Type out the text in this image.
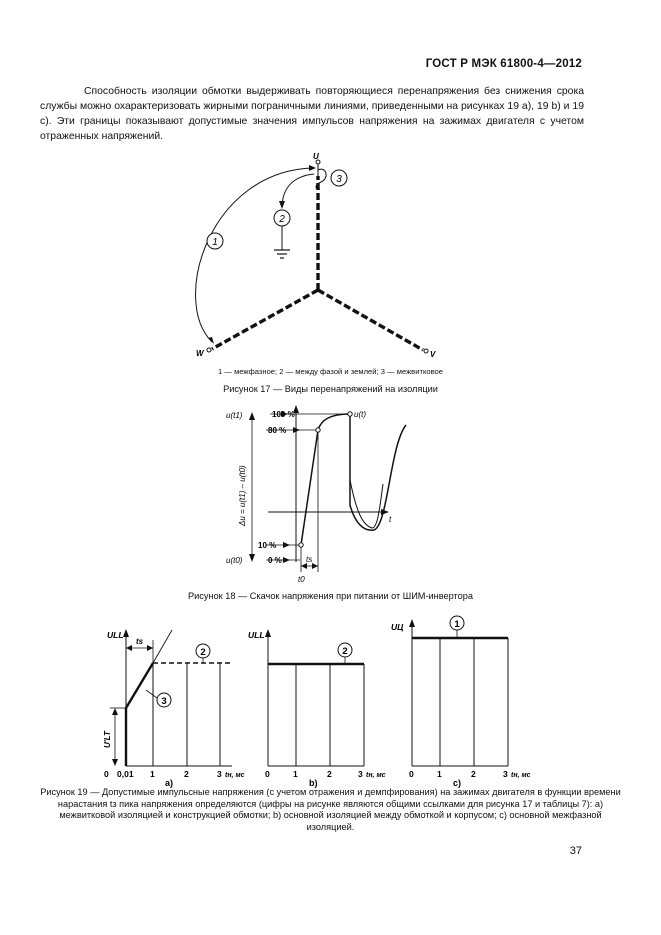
ГОСТ Р МЭК 61800-4—2012
Способность изоляции обмотки выдерживать повторяющиеся перенапряжения без снижения срока службы можно охарактеризовать жирными пограничными линиями, приведенными на рисунках 19 а), 19 b) и 19 с). Эти границы показывают допустимые значения импульсов напряжения на зажимах двигателя с учетом отраженных напряжений.
3
2
1
U
W	V
1 — межфазное; 2 — между фазой и землей; 3 — межвитковое
Рисунок 17 — Виды перенапряжений на изоляции
u(t1)	100 %
80 %
10 %
0 %
u(t0)
u(t)
t
ts
t0
Δu = u(t1) – u(t0)
Рисунок 18 — Скачок напряжения при питании от ШИМ-инвертора
2
3
ULL
ts
U'LT
0 0,01 1	2	3 tн, мс
a)
2
ULL
0	1	2	3 tн, мс
b)
1
UЦ
0	1	2	3 tн, мс
c)
Рисунок 19 — Допустимые импульсные напряжения (с учетом отражения и демпфирования) на зажимах двигателя в функции времени нарастания tз пика напряжения определяются (цифры на рисунке являются общими ссылками для рисунка 17 и таблицы 7): а) межвитковой изоляцией и конструкцией обмотки; b) основной изоляцией между обмоткой и корпусом; с) основной межфазной изоляцией.
37
